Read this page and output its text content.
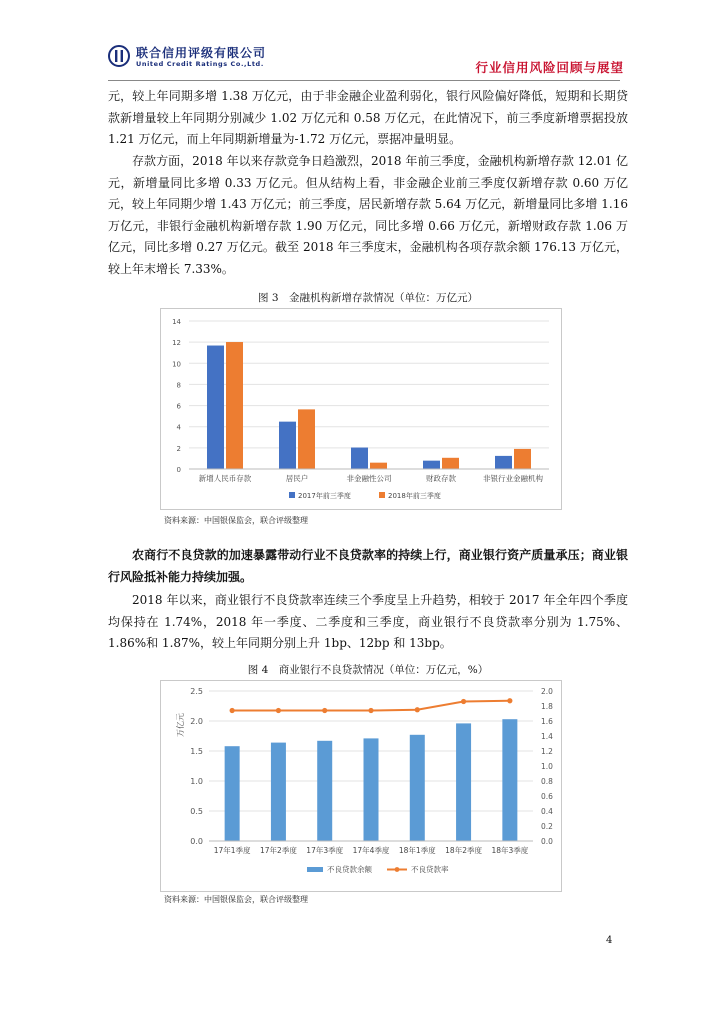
联合信用评级有限公司
United Credit Ratings Co.,Ltd.	行业信用风险回顾与展望

元，较上年同期多增 1.38 万亿元，由于非金融企业盈利弱化，银行风险偏好降低，短期和长期贷款新增量较上年同期分别减少 1.02 万亿元和 0.58 万亿元，在此情况下，前三季度新增票据投放 1.21 万亿元，而上年同期新增量为-1.72 万亿元，票据冲量明显。

存款方面，2018 年以来存款竞争日趋激烈，2018 年前三季度，金融机构新增存款 12.01 亿元，新增量同比多增 0.33 万亿元。但从结构上看，非金融企业前三季度仅新增存款 0.60 万亿元，较上年同期少增 1.43 万亿元；前三季度，居民新增存款 5.64 万亿元，新增量同比多增 1.16 万亿元，非银行金融机构新增存款 1.90 万亿元，同比多增 0.66 万亿元，新增财政存款 1.06 万亿元，同比多增 0.27 万亿元。截至 2018 年三季度末，金融机构各项存款余额 176.13 万亿元，较上年末增长 7.33%。

图 3　金融机构新增存款情况（单位：万亿元）
0
2
4
6
8
10
12
14
新增人民币存款	居民户	非金融性公司	财政存款	非银行业金融机构
2017年前三季度	2018年前三季度
资料来源：中国银保监会，联合评级整理

农商行不良贷款的加速暴露带动行业不良贷款率的持续上行，商业银行资产质量承压；商业银行风险抵补能力持续加强。

2018 年以来，商业银行不良贷款率连续三个季度呈上升趋势，相较于 2017 年全年四个季度均保持在 1.74%，2018 年一季度、二季度和三季度，商业银行不良贷款率分别为 1.75%、1.86%和 1.87%，较上年同期分别上升 1bp、12bp 和 13bp。

图 4　商业银行不良贷款情况（单位：万亿元，%）
0.0
0.5
1.0
1.5
2.0
2.5
0.0
0.2
0.4
0.6
0.8
1.0
1.2
1.4
1.6
1.8
2.0
万亿元
17年1季度 17年2季度 17年3季度 17年4季度 18年1季度 18年2季度 18年3季度
不良贷款余额	不良贷款率
资料来源：中国银保监会，联合评级整理
4
